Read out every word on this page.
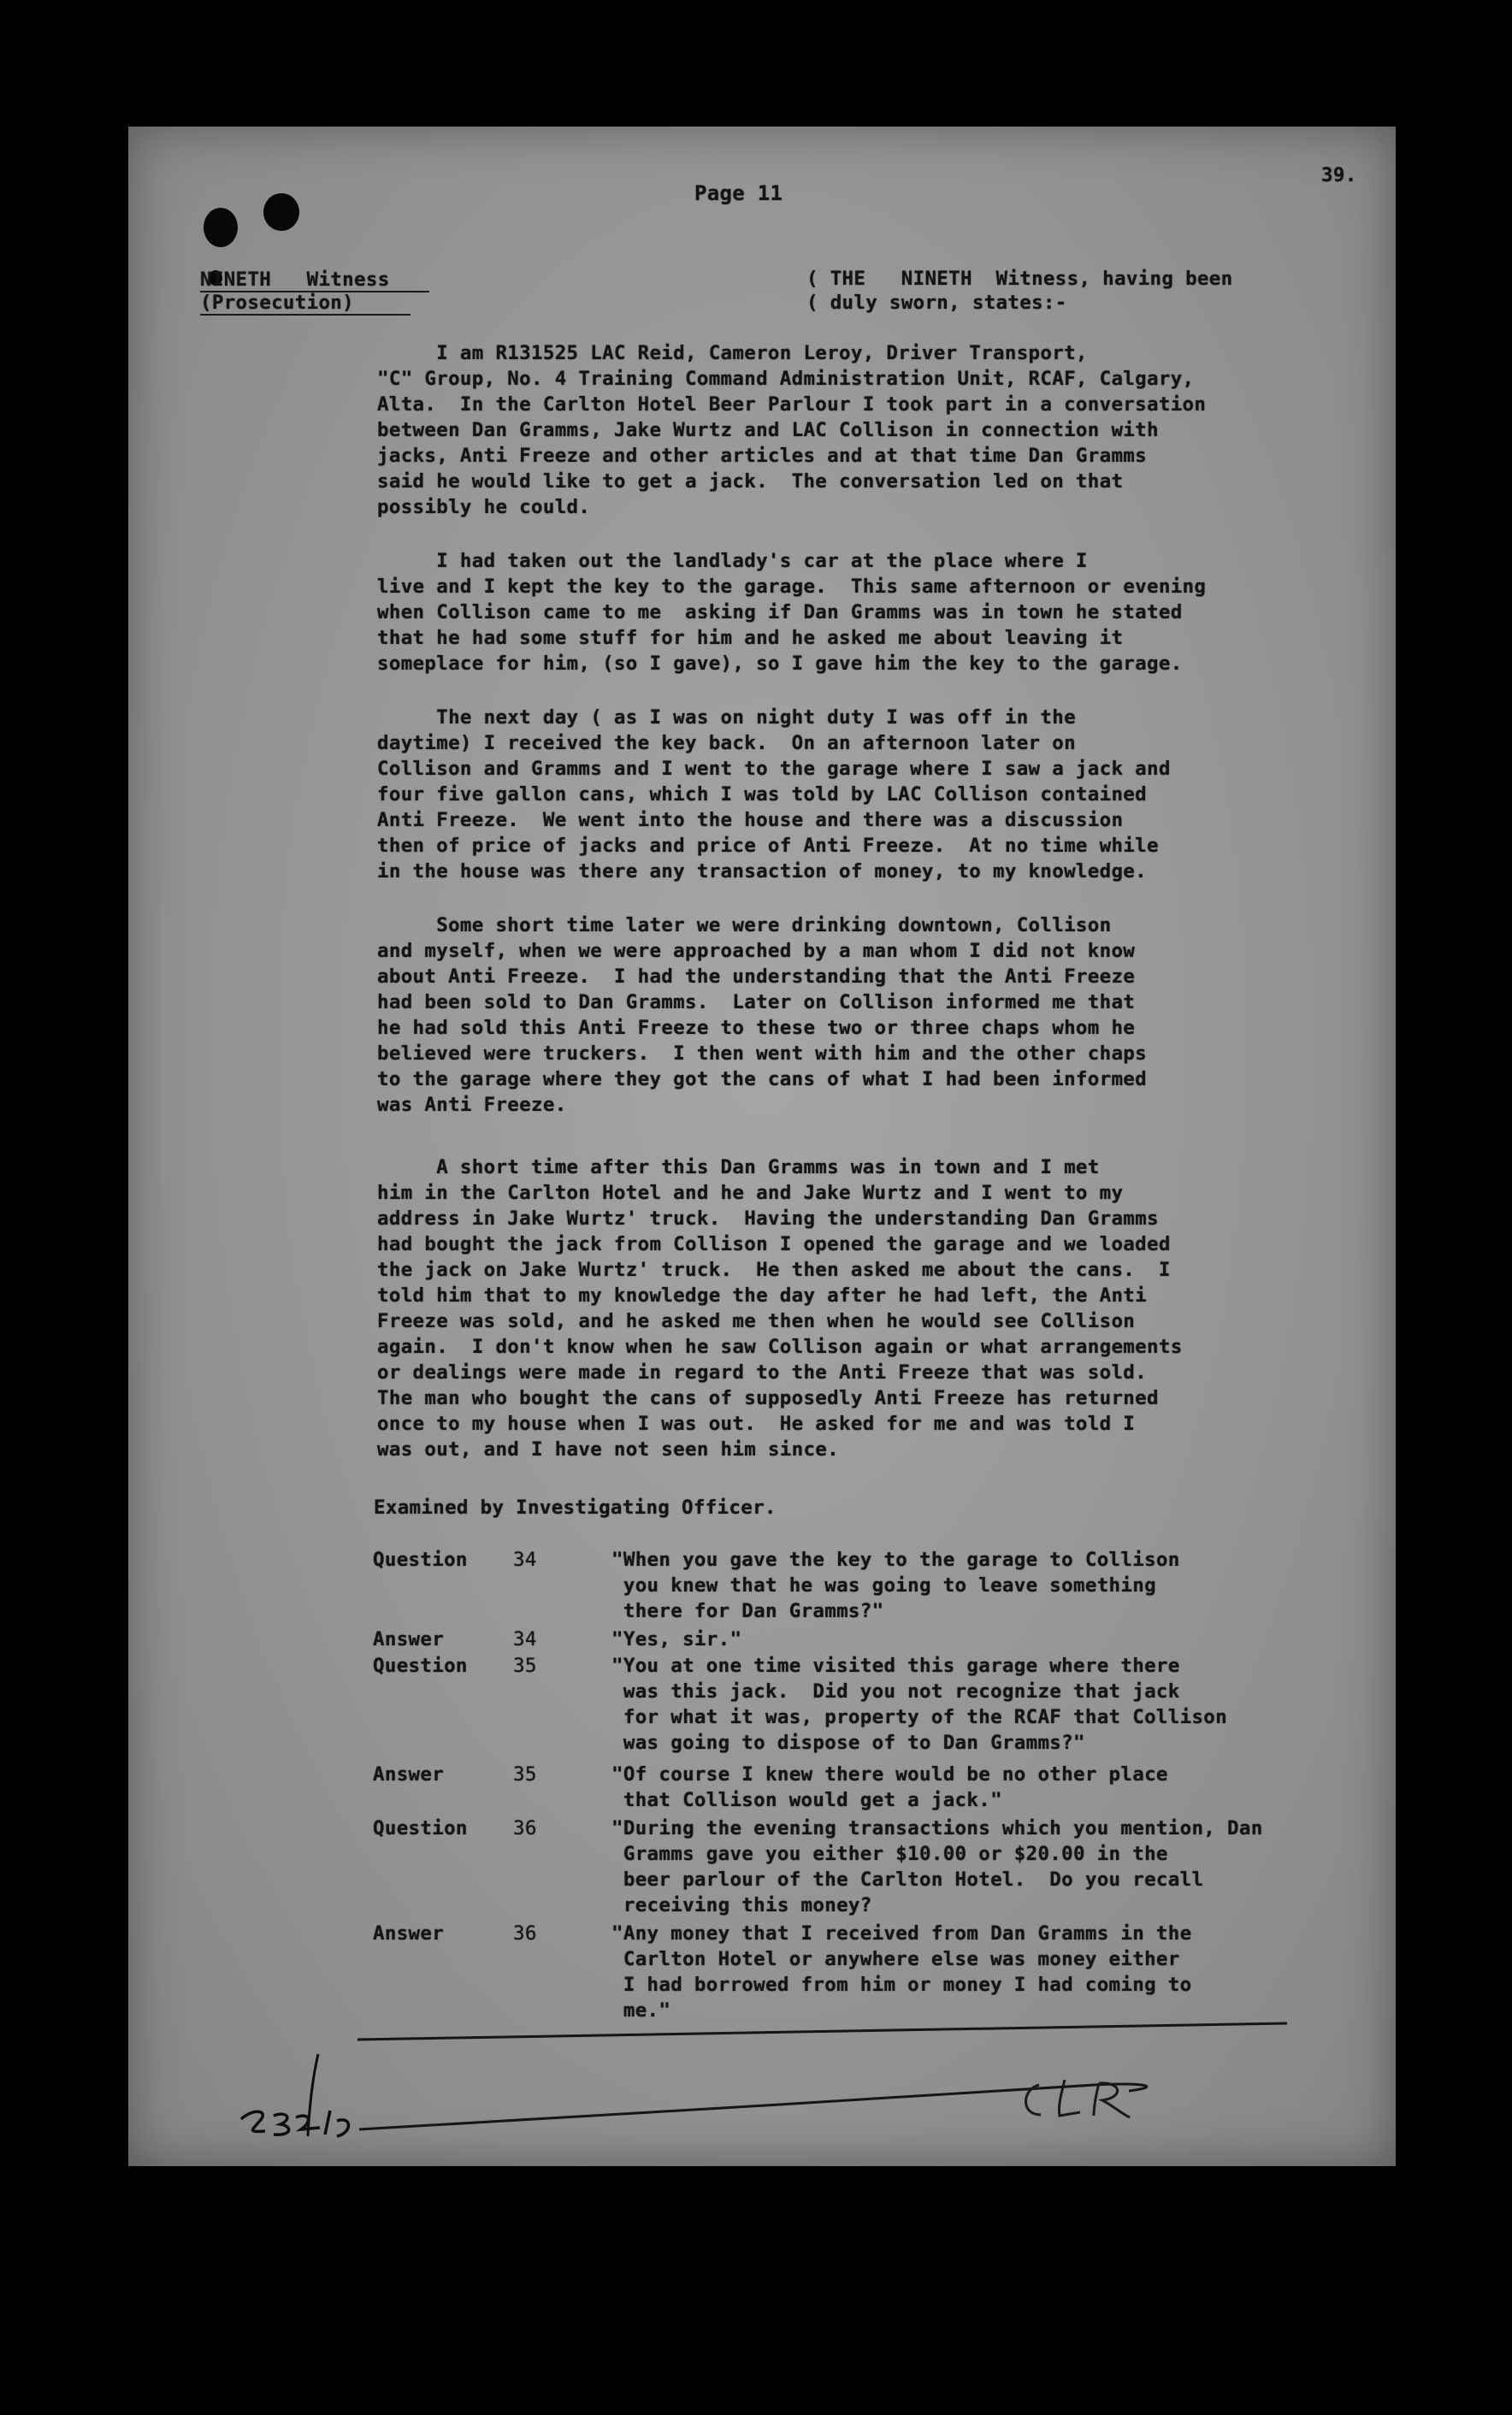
Page 11
39.
NINETH   Witness
(Prosecution)
( THE   NINETH  Witness, having been
( duly sworn, states:-
I am R131525 LAC Reid, Cameron Leroy, Driver Transport,
"C" Group, No. 4 Training Command Administration Unit, RCAF, Calgary,
Alta.  In the Carlton Hotel Beer Parlour I took part in a conversation
between Dan Gramms, Jake Wurtz and LAC Collison in connection with
jacks, Anti Freeze and other articles and at that time Dan Gramms
said he would like to get a jack.  The conversation led on that
possibly he could.
I had taken out the landlady's car at the place where I
live and I kept the key to the garage.  This same afternoon or evening
when Collison came to me  asking if Dan Gramms was in town he stated
that he had some stuff for him and he asked me about leaving it
someplace for him, (so I gave), so I gave him the key to the garage.
The next day ( as I was on night duty I was off in the
daytime) I received the key back.  On an afternoon later on
Collison and Gramms and I went to the garage where I saw a jack and
four five gallon cans, which I was told by LAC Collison contained
Anti Freeze.  We went into the house and there was a discussion
then of price of jacks and price of Anti Freeze.  At no time while
in the house was there any transaction of money, to my knowledge.
Some short time later we were drinking downtown, Collison
and myself, when we were approached by a man whom I did not know
about Anti Freeze.  I had the understanding that the Anti Freeze
had been sold to Dan Gramms.  Later on Collison informed me that
he had sold this Anti Freeze to these two or three chaps whom he
believed were truckers.  I then went with him and the other chaps
to the garage where they got the cans of what I had been informed
was Anti Freeze.
A short time after this Dan Gramms was in town and I met
him in the Carlton Hotel and he and Jake Wurtz and I went to my
address in Jake Wurtz' truck.  Having the understanding Dan Gramms
had bought the jack from Collison I opened the garage and we loaded
the jack on Jake Wurtz' truck.  He then asked me about the cans.  I
told him that to my knowledge the day after he had left, the Anti
Freeze was sold, and he asked me then when he would see Collison
again.  I don't know when he saw Collison again or what arrangements
or dealings were made in regard to the Anti Freeze that was sold.
The man who bought the cans of supposedly Anti Freeze has returned
once to my house when I was out.  He asked for me and was told I
was out, and I have not seen him since.
Examined by Investigating Officer.
Question 34	"When you gave the key to the garage to Collison
you knew that he was going to leave something
there for Dan Gramms?"
Answer	34	"Yes, sir."
Question 35	"You at one time visited this garage where there
was this jack.  Did you not recognize that jack
for what it was, property of the RCAF that Collison
was going to dispose of to Dan Gramms?"
Answer	35	"Of course I knew there would be no other place
that Collison would get a jack."
Question 36	"During the evening transactions which you mention, Dan
Gramms gave you either $10.00 or $20.00 in the
beer parlour of the Carlton Hotel.  Do you recall
receiving this money?
Answer	36	"Any money that I received from Dan Gramms in the
Carlton Hotel or anywhere else was money either
I had borrowed from him or money I had coming to
me."
